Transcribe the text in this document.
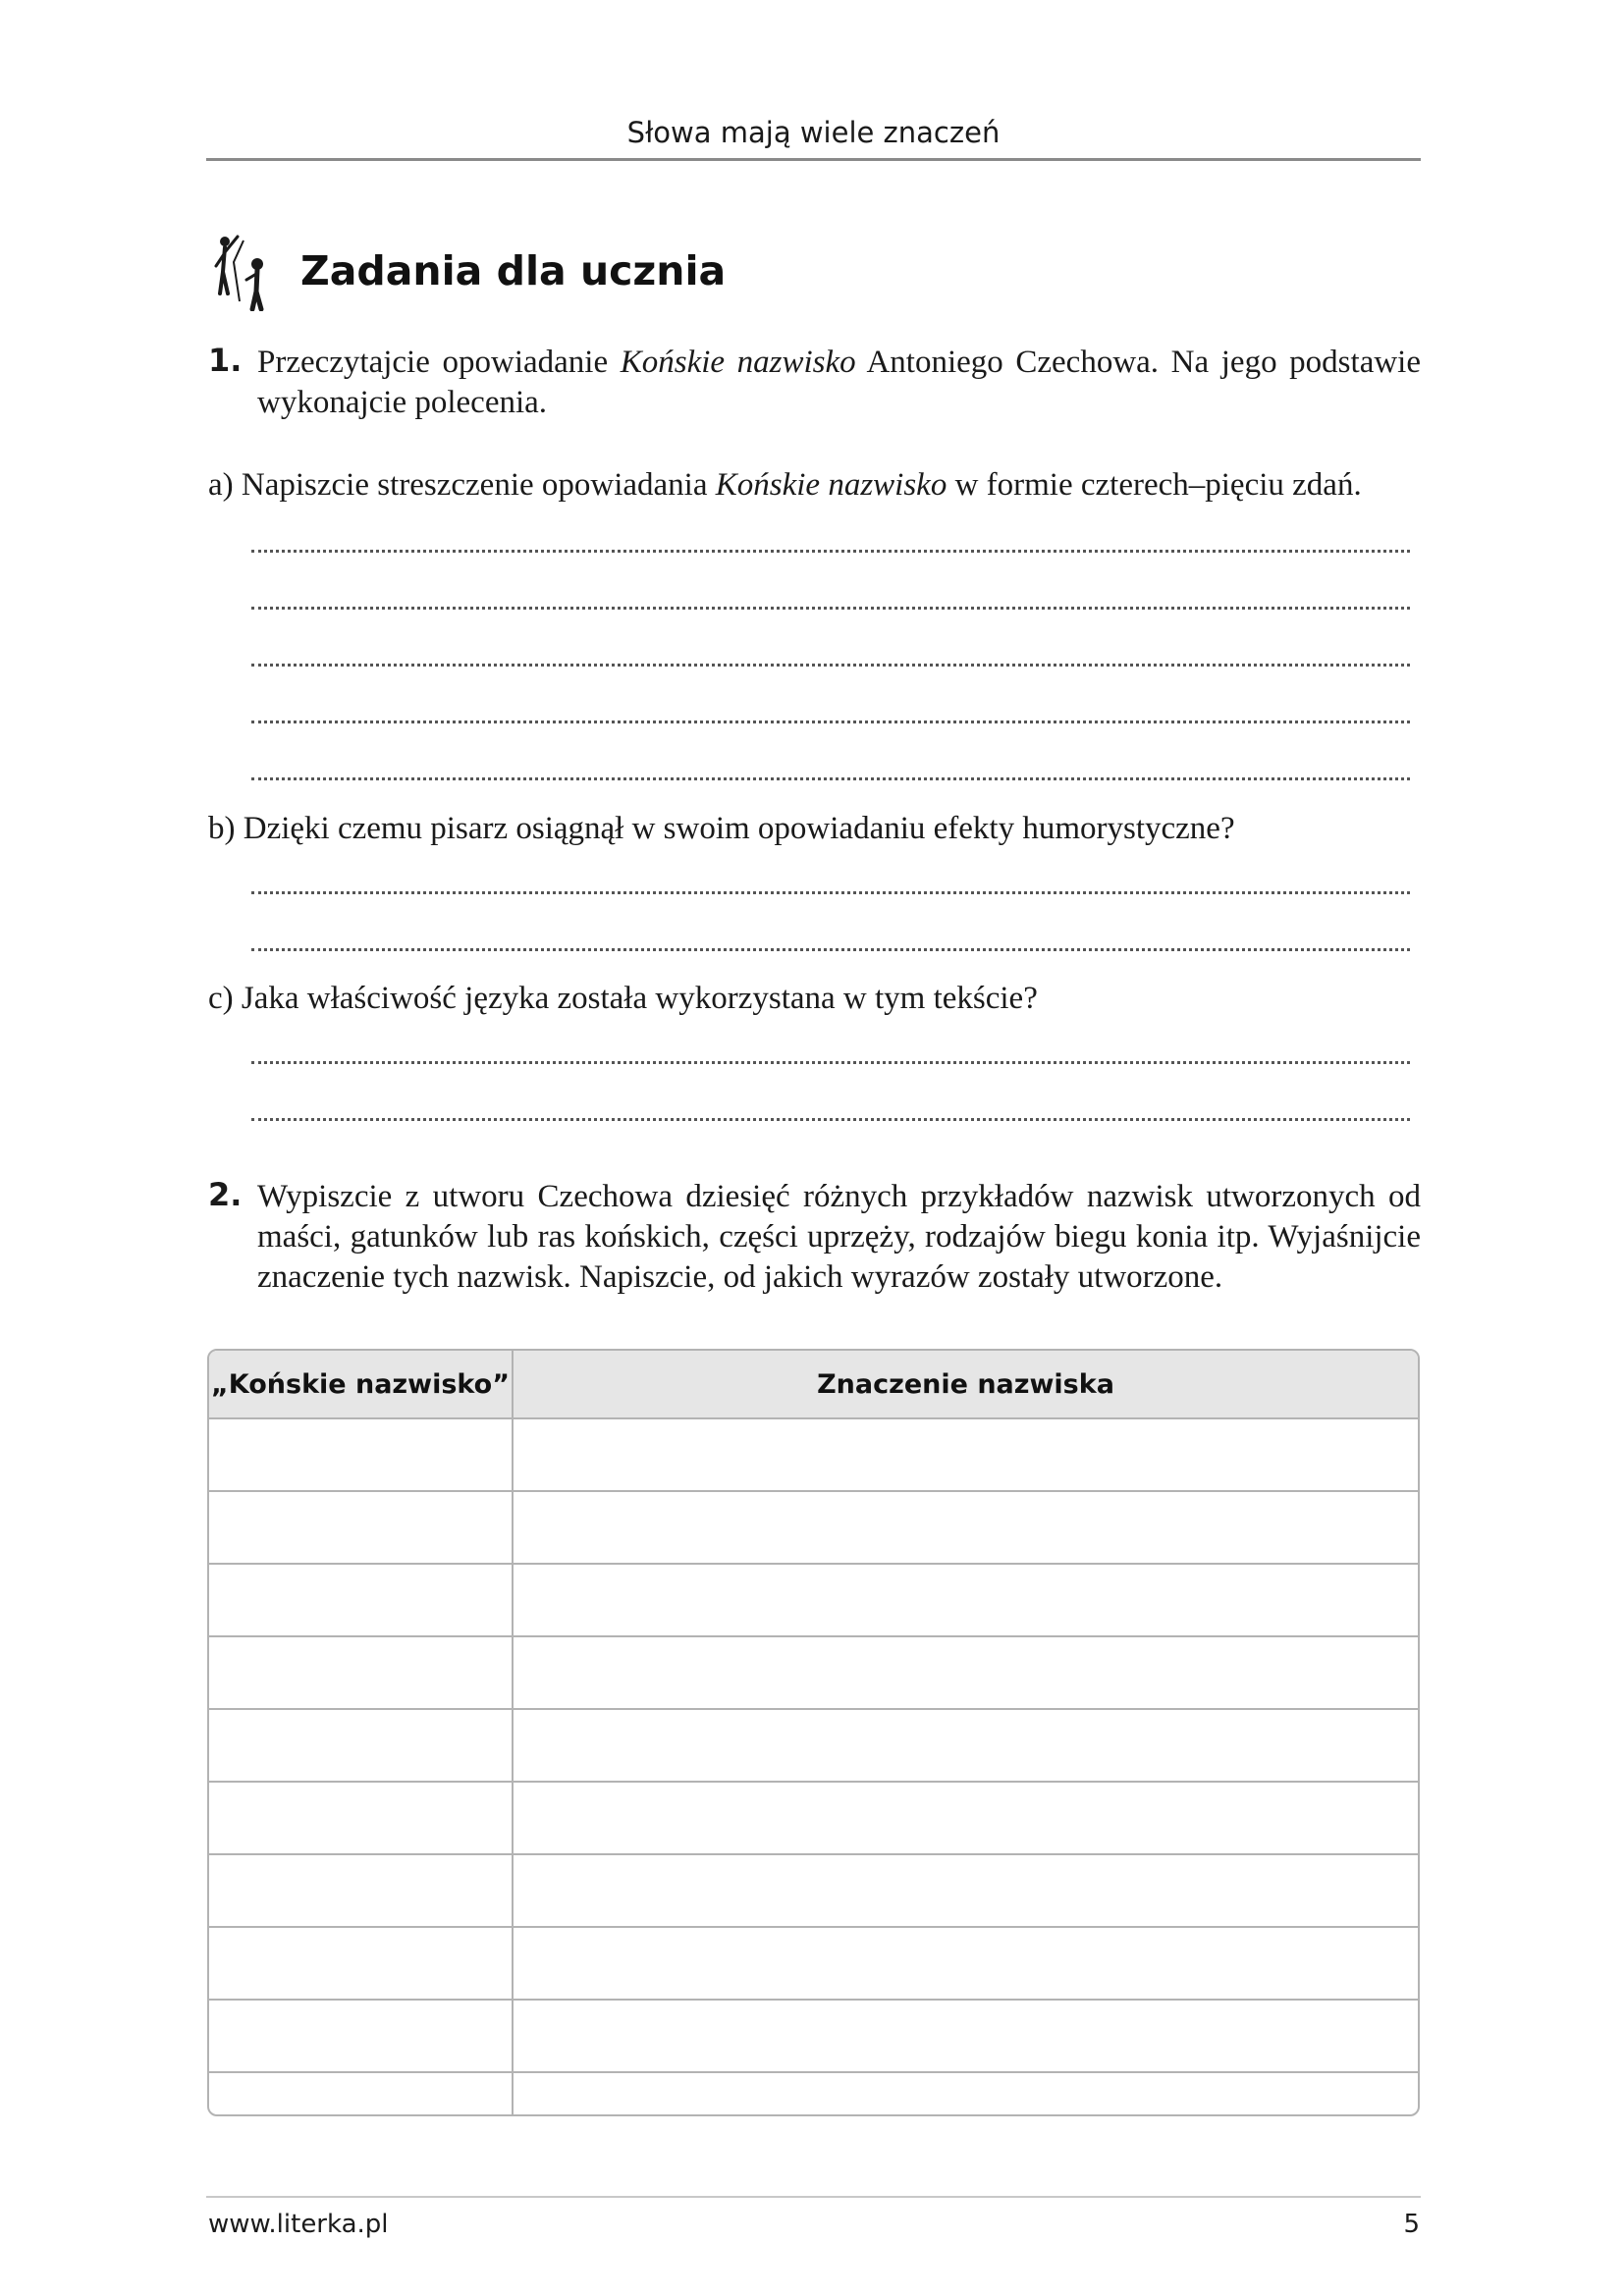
Słowa mają wiele znaczeń
Zadania dla ucznia
1. Przeczytajcie opowiadanie Końskie nazwisko Antoniego Czechowa. Na jego podstawie wykonajcie polecenia.
a) Napiszcie streszczenie opowiadania Końskie nazwisko w formie czterech–pięciu zdań.
b) Dzięki czemu pisarz osiągnął w swoim opowiadaniu efekty humorystyczne?
c) Jaka właściwość języka została wykorzystana w tym tekście?
2. Wypiszcie z utworu Czechowa dziesięć różnych przykładów nazwisk utworzonych od maści, gatunków lub ras końskich, części uprzęży, rodzajów biegu konia itp. Wyjaśnijcie znaczenie tych nazwisk. Napiszcie, od jakich wyrazów zostały utworzone.
„Końskie nazwisko”	Znaczenie nazwiska

www.literka.pl	5
